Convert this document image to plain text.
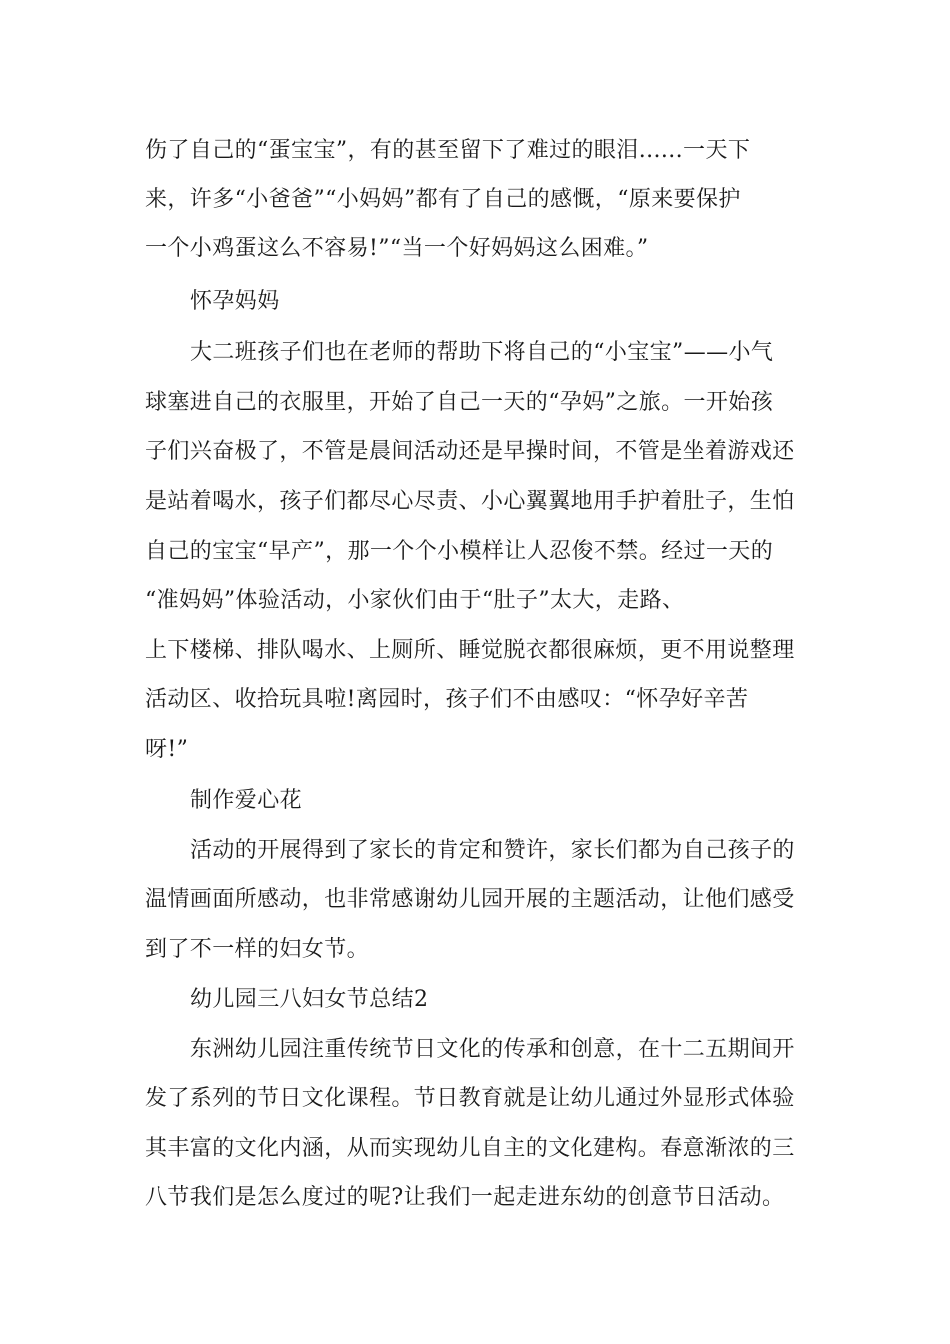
伤了自己的“蛋宝宝”，有的甚至留下了难过的眼泪......一天下
来，许多“小爸爸”“小妈妈”都有了自己的感慨，“原来要保护
一个小鸡蛋这么不容易!”“当一个好妈妈这么困难。”
怀孕妈妈
大二班孩子们也在老师的帮助下将自己的“小宝宝”——小气
球塞进自己的衣服里，开始了自己一天的“孕妈”之旅。一开始孩
子们兴奋极了，不管是晨间活动还是早操时间，不管是坐着游戏还
是站着喝水，孩子们都尽心尽责、小心翼翼地用手护着肚子，生怕
自己的宝宝“早产”，那一个个小模样让人忍俊不禁。经过一天的
“准妈妈”体验活动，小家伙们由于“肚子”太大，走路、
上下楼梯、排队喝水、上厕所、睡觉脱衣都很麻烦，更不用说整理
活动区、收拾玩具啦!离园时，孩子们不由感叹：“怀孕好辛苦
呀!”
制作爱心花
活动的开展得到了家长的肯定和赞许，家长们都为自己孩子的
温情画面所感动，也非常感谢幼儿园开展的主题活动，让他们感受
到了不一样的妇女节。
幼儿园三八妇女节总结2
东洲幼儿园注重传统节日文化的传承和创意，在十二五期间开
发了系列的节日文化课程。节日教育就是让幼儿通过外显形式体验
其丰富的文化内涵，从而实现幼儿自主的文化建构。春意渐浓的三
八节我们是怎么度过的呢?让我们一起走进东幼的创意节日活动。
